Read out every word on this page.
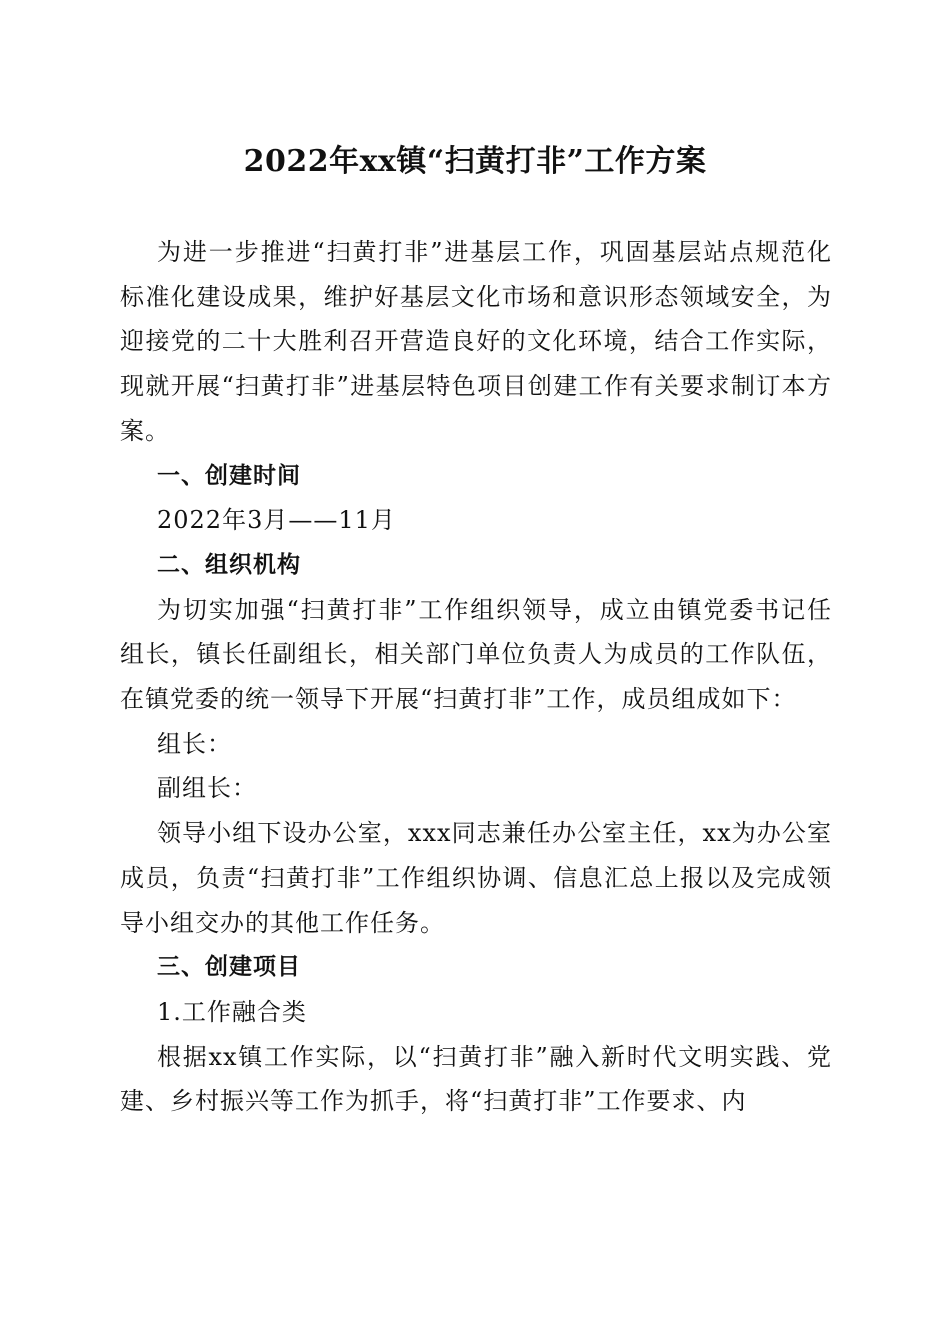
2022年xx镇“扫黄打非”工作方案

为进一步推进“扫黄打非”进基层工作，巩固基层站点规范化标准化建设成果，维护好基层文化市场和意识形态领域安全，为迎接党的二十大胜利召开营造良好的文化环境，结合工作实际，现就开展“扫黄打非”进基层特色项目创建工作有关要求制订本方案。

一、创建时间

2022年3月——11月

二、组织机构

为切实加强“扫黄打非”工作组织领导，成立由镇党委书记任组长，镇长任副组长，相关部门单位负责人为成员的工作队伍，在镇党委的统一领导下开展“扫黄打非”工作，成员组成如下：

组长：

副组长：

领导小组下设办公室，xxx同志兼任办公室主任，xx为办公室成员，负责“扫黄打非”工作组织协调、信息汇总上报以及完成领导小组交办的其他工作任务。

三、创建项目

1.工作融合类

根据xx镇工作实际，以“扫黄打非”融入新时代文明实践、党建、乡村振兴等工作为抓手，将“扫黄打非”工作要求、内
